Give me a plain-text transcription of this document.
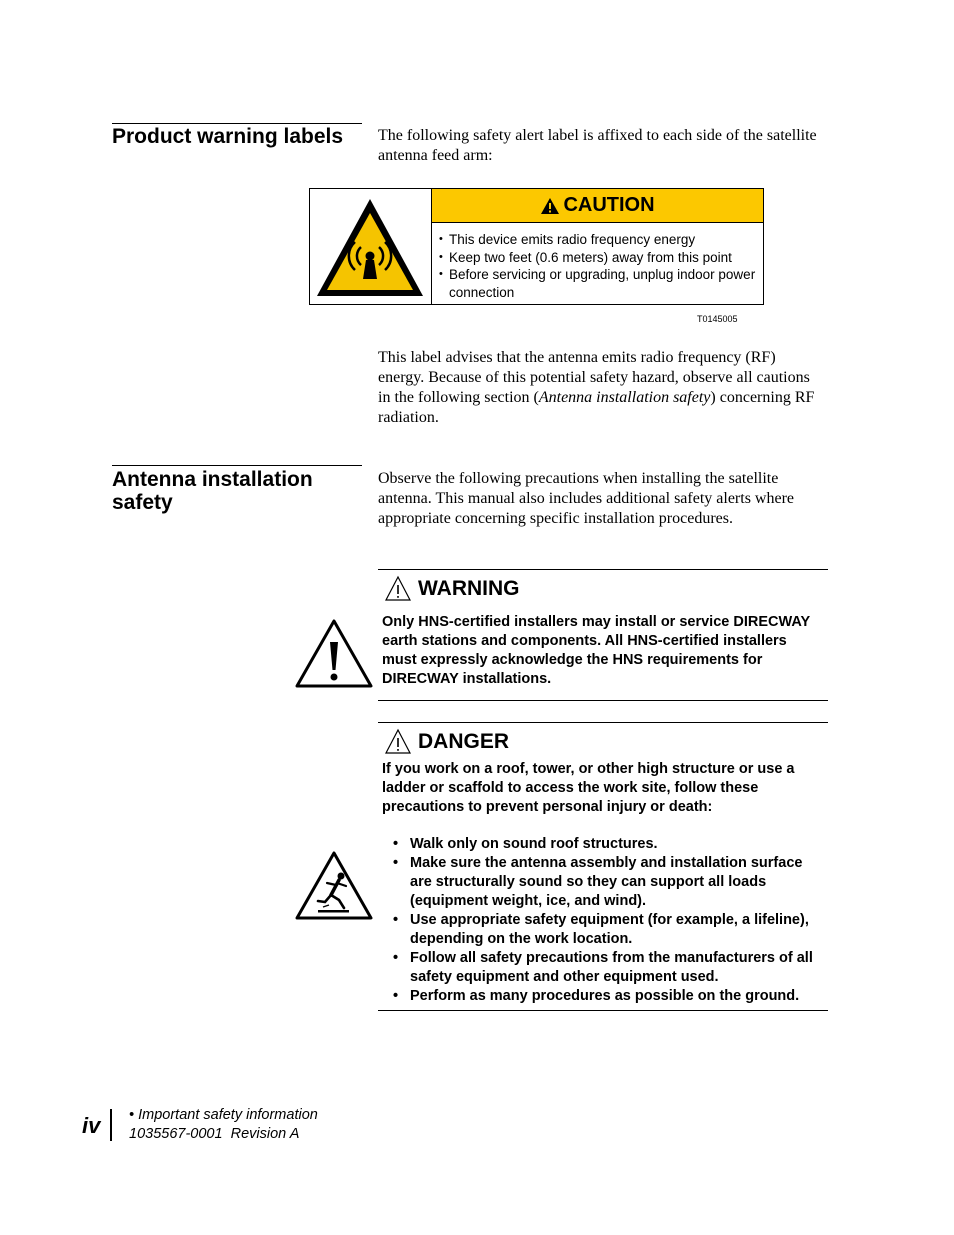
Product warning labels	The following safety alert label is affixed to each side of the satellite antenna feed arm:
CAUTION
• This device emits radio frequency energy
• Keep two feet (0.6 meters) away from this point
• Before servicing or upgrading, unplug indoor power connection
T0145005
This label advises that the antenna emits radio frequency (RF) energy. Because of this potential safety hazard, observe all cautions in the following section (Antenna installation safety) concerning RF radiation.
Antenna installation safety
Observe the following precautions when installing the satellite antenna. This manual also includes additional safety alerts where appropriate concerning specific installation procedures.
WARNING
Only HNS-certified installers may install or service DIRECWAY earth stations and components. All HNS-certified installers must expressly acknowledge the HNS requirements for DIRECWAY installations.
DANGER
If you work on a roof, tower, or other high structure or use a ladder or scaffold to access the work site, follow these precautions to prevent personal injury or death:
• Walk only on sound roof structures.
• Make sure the antenna assembly and installation surface are structurally sound so they can support all loads (equipment weight, ice, and wind).
• Use appropriate safety equipment (for example, a lifeline), depending on the work location.
• Follow all safety precautions from the manufacturers of all safety equipment and other equipment used.
• Perform as many procedures as possible on the ground.
iv • Important safety information
1035567-0001  Revision A
